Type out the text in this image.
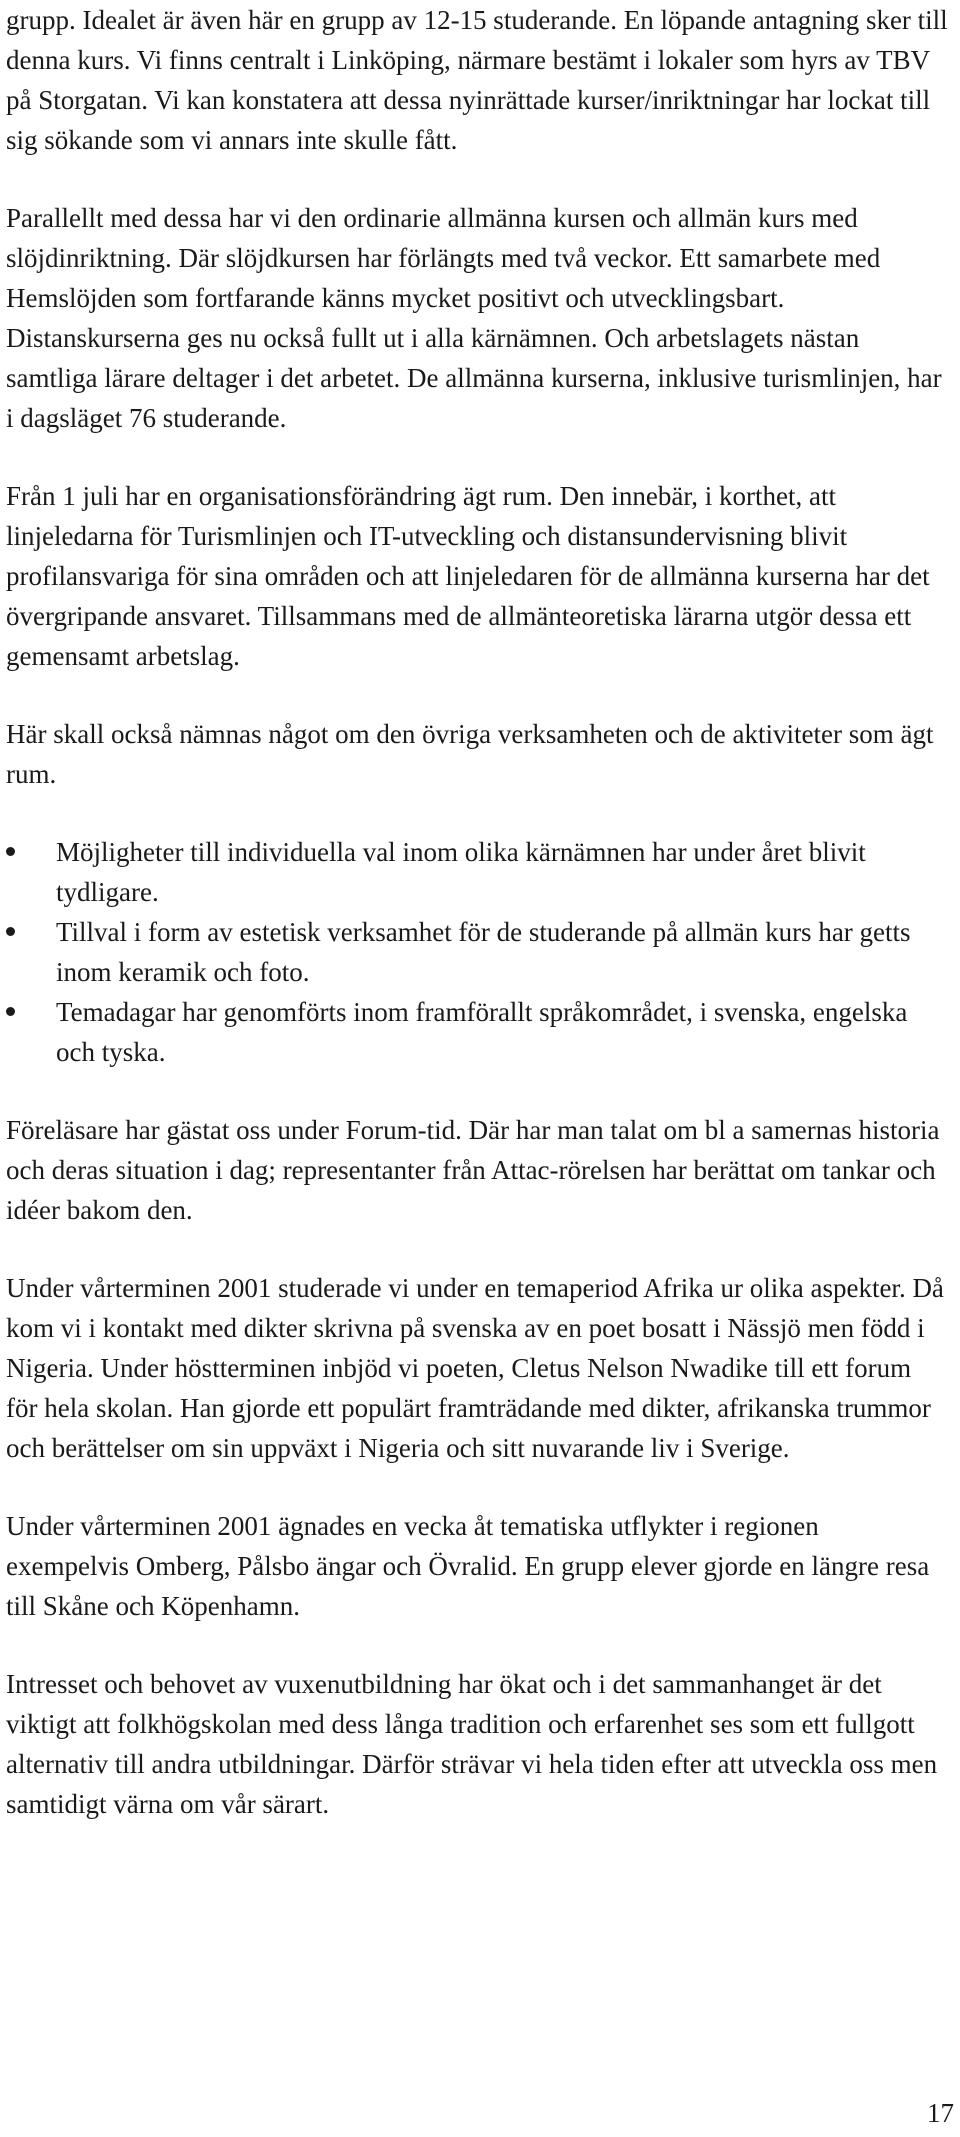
grupp. Idealet är även här en grupp av 12-15 studerande. En löpande antagning sker till denna kurs. Vi finns centralt i Linköping, närmare bestämt i lokaler som hyrs av TBV på Storgatan. Vi kan konstatera att dessa nyinrättade kurser/inriktningar har lockat till sig sökande som vi annars inte skulle fått.

Parallellt med dessa har vi den ordinarie allmänna kursen och allmän kurs med slöjdinriktning. Där slöjdkursen har förlängts med två veckor. Ett samarbete med Hemslöjden som fortfarande känns mycket positivt och utvecklingsbart. Distanskurserna ges nu också fullt ut i alla kärnämnen. Och arbetslagets nästan samtliga lärare deltager i det arbetet. De allmänna kurserna, inklusive turismlinjen, har i dagsläget 76 studerande.

Från 1 juli har en organisationsförändring ägt rum. Den innebär, i korthet, att linjeledarna för Turismlinjen och IT-utveckling och distansundervisning blivit profilansvariga för sina områden och att linjeledaren för de allmänna kurserna har det övergripande ansvaret. Tillsammans med de allmänteoretiska lärarna utgör dessa ett gemensamt arbetslag.

Här skall också nämnas något om den övriga verksamheten och de aktiviteter som ägt rum.

Möjligheter till individuella val inom olika kärnämnen har under året blivit tydligare.
Tillval i form av estetisk verksamhet för de studerande på allmän kurs har getts inom keramik och foto.
Temadagar har genomförts inom framförallt språkområdet, i svenska, engelska och tyska.

Föreläsare har gästat oss under Forum-tid. Där har man talat om bl a samernas historia och deras situation i dag; representanter från Attac-rörelsen har berättat om tankar och idéer bakom den.

Under vårterminen 2001 studerade vi under en temaperiod Afrika ur olika aspekter. Då kom vi i kontakt med dikter skrivna på svenska av en poet bosatt i Nässjö men född i Nigeria. Under höstterminen inbjöd vi poeten, Cletus Nelson Nwadike till ett forum för hela skolan. Han gjorde ett populärt framträdande med dikter, afrikanska trummor och berättelser om sin uppväxt i Nigeria och sitt nuvarande liv i Sverige.

Under vårterminen 2001 ägnades en vecka åt tematiska utflykter i regionen exempelvis Omberg, Pålsbo ängar och Övralid. En grupp elever gjorde en längre resa till Skåne och Köpenhamn.

Intresset och behovet av vuxenutbildning har ökat och i det sammanhanget är det viktigt att folkhögskolan med dess långa tradition och erfarenhet ses som ett fullgott alternativ till andra utbildningar. Därför strävar vi hela tiden efter att utveckla oss men samtidigt värna om vår särart.

17
